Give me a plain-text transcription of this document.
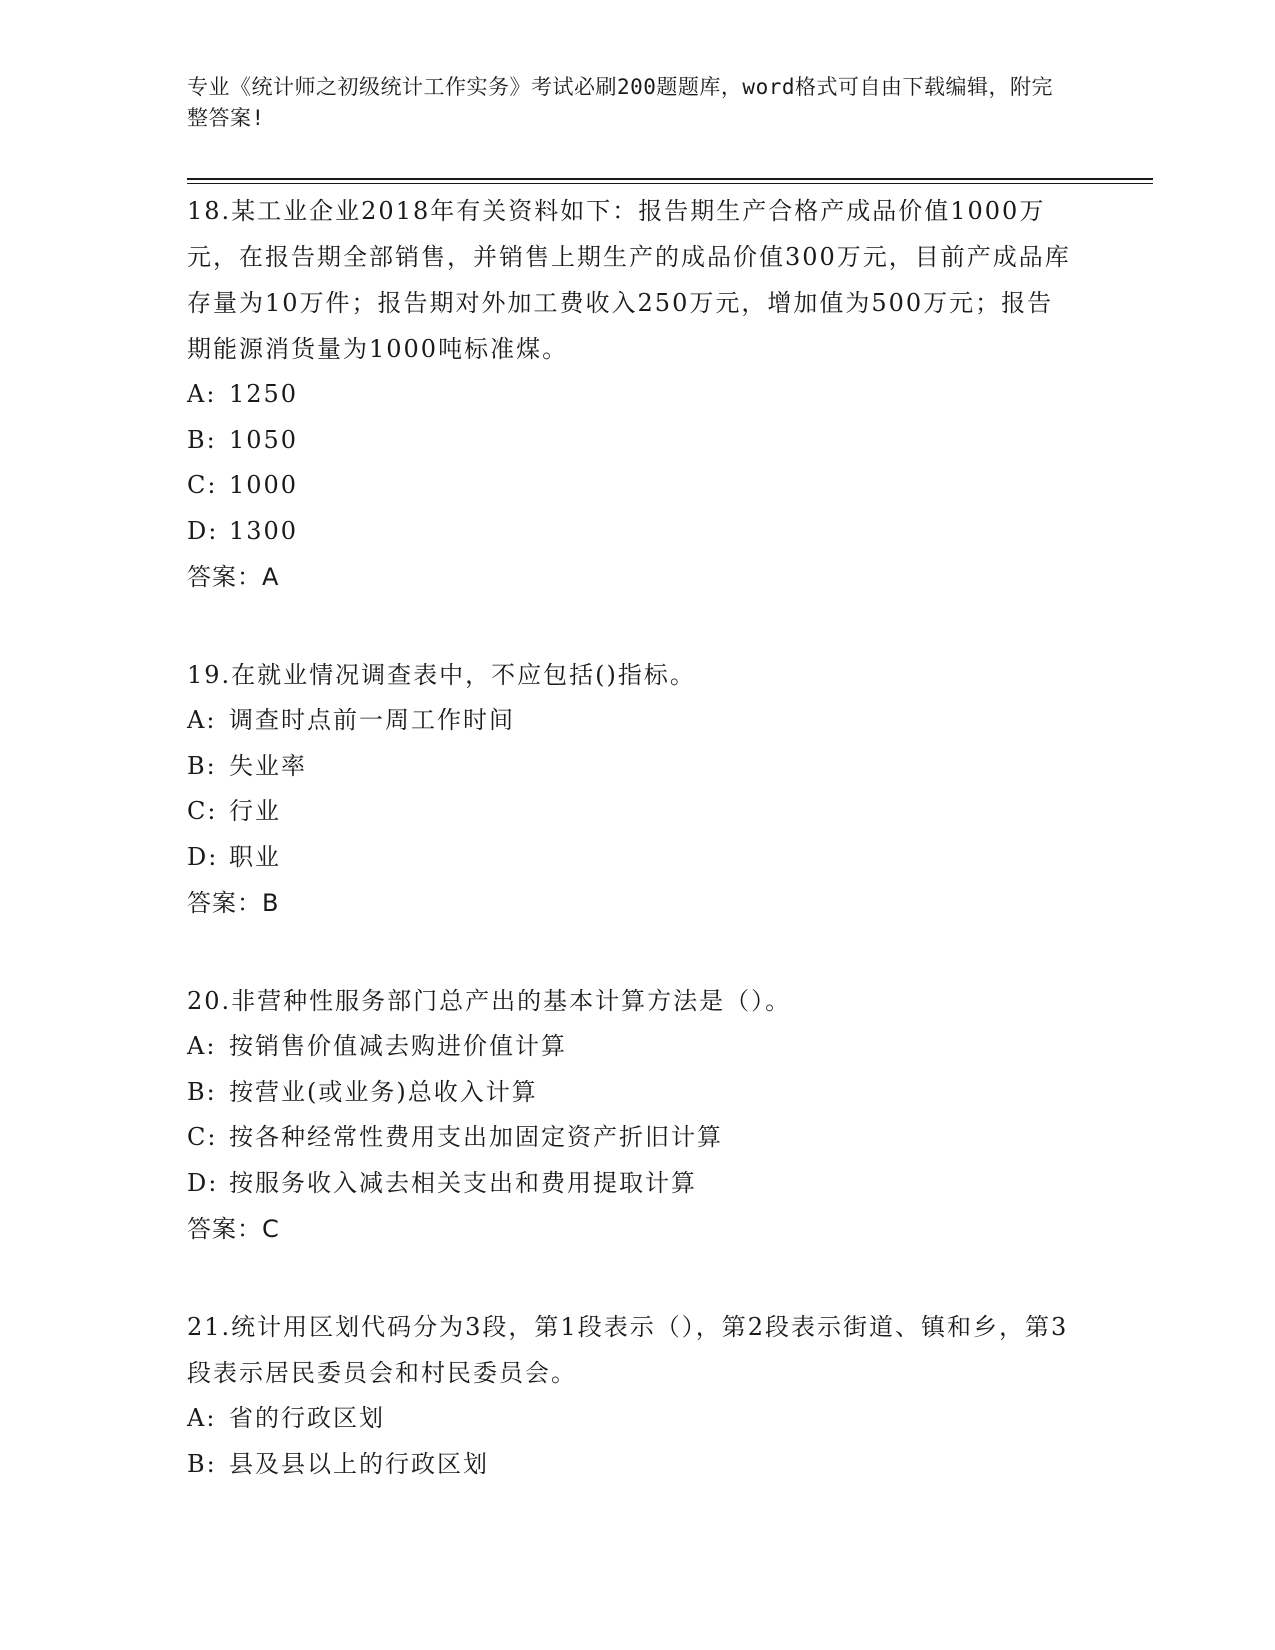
专业《统计师之初级统计工作实务》考试必刷200题题库，word格式可自由下载编辑，附完整答案!
18.某工业企业2018年有关资料如下：报告期生产合格产成品价值1000万元，在报告期全部销售，并销售上期生产的成品价值300万元，目前产成品库存量为10万件；报告期对外加工费收入250万元，增加值为500万元；报告期能源消货量为1000吨标准煤。
A: 1250
B: 1050
C: 1000
D: 1300
答案：A
19.在就业情况调查表中，不应包括()指标。
A: 调查时点前一周工作时间
B: 失业率
C: 行业
D: 职业
答案：B
20.非营种性服务部门总产出的基本计算方法是（）。
A: 按销售价值减去购进价值计算
B: 按营业(或业务)总收入计算
C: 按各种经常性费用支出加固定资产折旧计算
D: 按服务收入减去相关支出和费用提取计算
答案：C
21.统计用区划代码分为3段，第1段表示（），第2段表示街道、镇和乡，第3段表示居民委员会和村民委员会。
A: 省的行政区划
B: 县及县以上的行政区划
